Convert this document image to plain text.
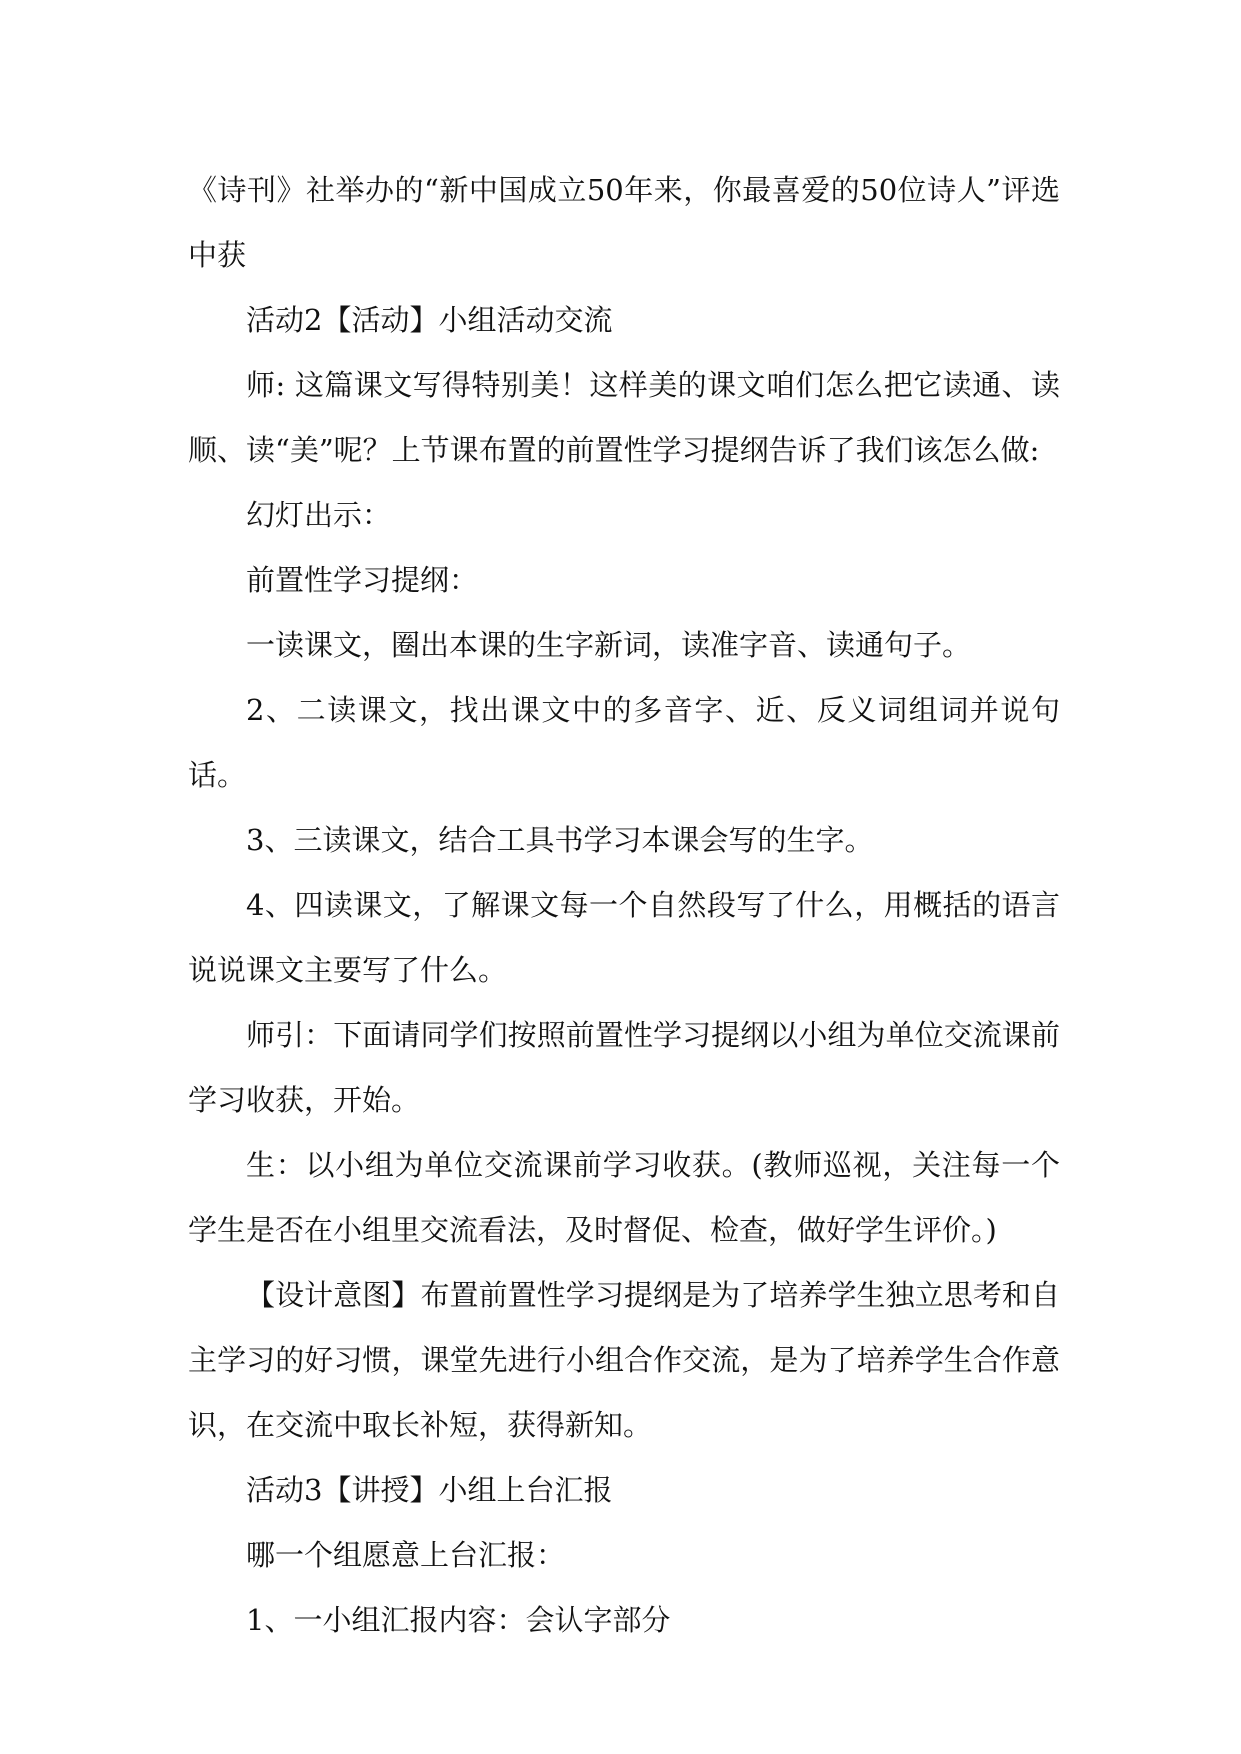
《诗刊》社举办的“新中国成立50年来，你最喜爱的50位诗人”评选中获

活动2【活动】小组活动交流

师: 这篇课文写得特别美！这样美的课文咱们怎么把它读通、读顺、读“美”呢？上节课布置的前置性学习提纲告诉了我们该怎么做:

幻灯出示：

前置性学习提纲：

一读课文，圈出本课的生字新词，读准字音、读通句子。

2、二读课文，找出课文中的多音字、近、反义词组词并说句话。

3、三读课文，结合工具书学习本课会写的生字。

4、四读课文，了解课文每一个自然段写了什么，用概括的语言说说课文主要写了什么。

师引：下面请同学们按照前置性学习提纲以小组为单位交流课前学习收获，开始。

生：以小组为单位交流课前学习收获。(教师巡视，关注每一个学生是否在小组里交流看法，及时督促、检查，做好学生评价。)

【设计意图】布置前置性学习提纲是为了培养学生独立思考和自主学习的好习惯，课堂先进行小组合作交流，是为了培养学生合作意识，在交流中取长补短，获得新知。

活动3【讲授】小组上台汇报

哪一个组愿意上台汇报：

1、一小组汇报内容：会认字部分
